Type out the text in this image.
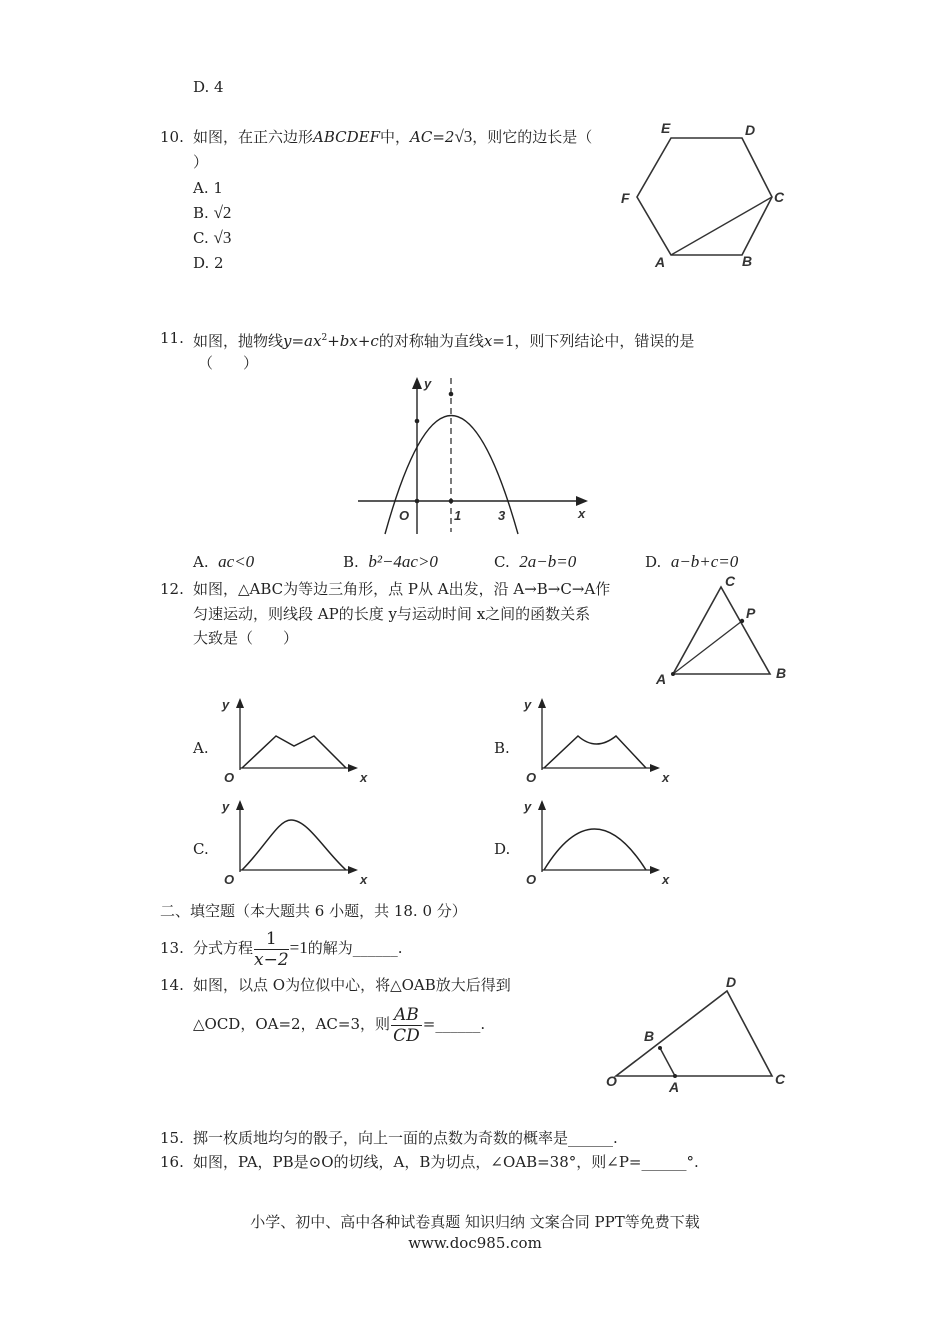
D. 4
10. 如图，在正六边形ABCDEF中，AC=2√3，则它的边长是（
）
A. 1
B. √2
C. √3
D. 2
E	D
F	C
A	B
11. 如图，抛物线$y=ax^2+bx+c$的对称轴为直线x=1，则下列结论中，错误的是
（　　）
y
x
O	1	3
A. ac<0	B. b²−4ac>0	C. 2a−b=0	D. a−b+c=0
12. 如图，△ABC为等边三角形，点 P从 A出发，沿 A→B→C→A作
匀速运动，则线段 AP的长度 y与运动时间 x之间的函数关系
大致是（　　）
C
P
A	B
A.
y
O	x
B.
y
O	x
C.
y
O	x
D.
y
O	x
二、填空题（本大题共 6 小题，共 18. 0 分）
13. 分式方程 $\frac{1}{x-2} =1$的解为______.
14. 如图，以点 O为位似中心，将△OAB放大后得到
△OCD，OA=2，AC=3，则 $\frac{AB}{CD}$ =______.
D
B
O	A	C
15. 掷一枚质地均匀的骰子，向上一面的点数为奇数的概率是______.
16. 如图，PA，PB是⊙O的切线，A，B为切点，∠OAB=38°，则∠P=______°.
小学、初中、高中各种试卷真题 知识归纳 文案合同 PPT等免费下载
www.doc985.com
